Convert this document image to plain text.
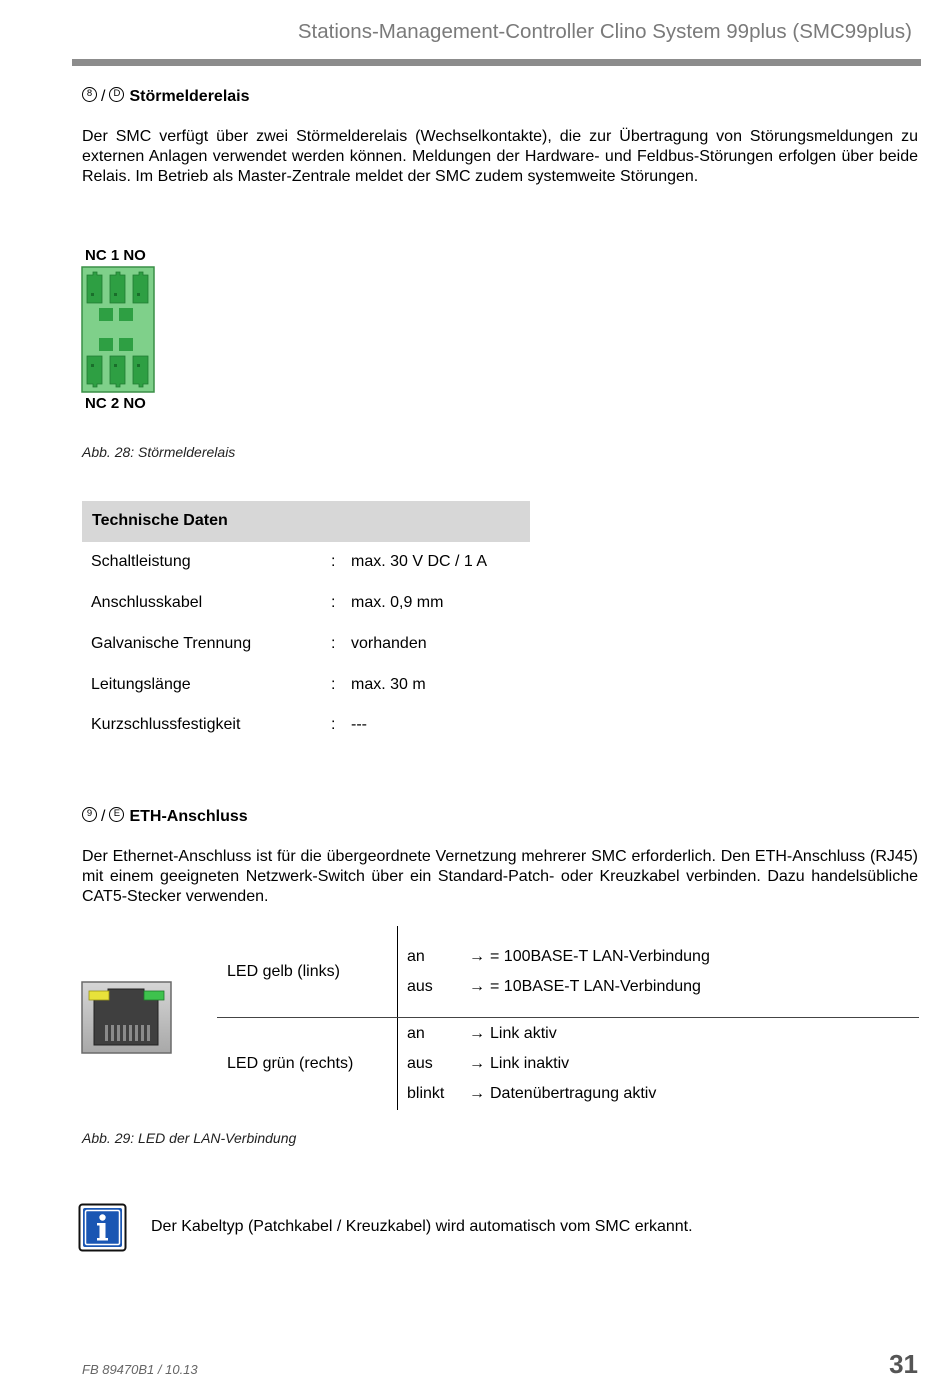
Stations-Management-Controller Clino System 99plus (SMC99plus)
8 / D Störmelderelais
Der SMC verfügt über zwei Störmelderelais (Wechselkontakte), die zur Übertragung von Störungsmeldungen zu externen Anlagen verwendet werden können. Meldungen der Hardware- und Feldbus-Störungen erfolgen über beide Relais. Im Betrieb als Master-Zentrale meldet der SMC zudem systemweite Störungen.
NC 1 NO
NC 2 NO
Abb. 28: Störmelderelais
Technische Daten
Schaltleistung	: max. 30 V DC / 1 A
Anschlusskabel	: max. 0,9 mm
Galvanische Trennung	: vorhanden
Leitungslänge	: max. 30 m
Kurzschlussfestigkeit	: ---
9 / E ETH-Anschluss
Der Ethernet-Anschluss ist für die übergeordnete Vernetzung mehrerer SMC erforderlich. Den ETH-Anschluss (RJ45) mit einem geeigneten Netzwerk-Switch über ein Standard-Patch- oder Kreuzkabel verbinden. Dazu handelsübliche CAT5-Stecker verwenden.
LED gelb (links)
an	→ = 100BASE-T LAN-Verbindung
aus → = 10BASE-T LAN-Verbindung
LED grün (rechts)
an	→ Link aktiv
aus → Link inaktiv
blinkt → Datenübertragung aktiv
Abb. 29: LED der LAN-Verbindung
Der Kabeltyp (Patchkabel / Kreuzkabel) wird automatisch vom SMC erkannt.
FB 89470B1 / 10.13	31
